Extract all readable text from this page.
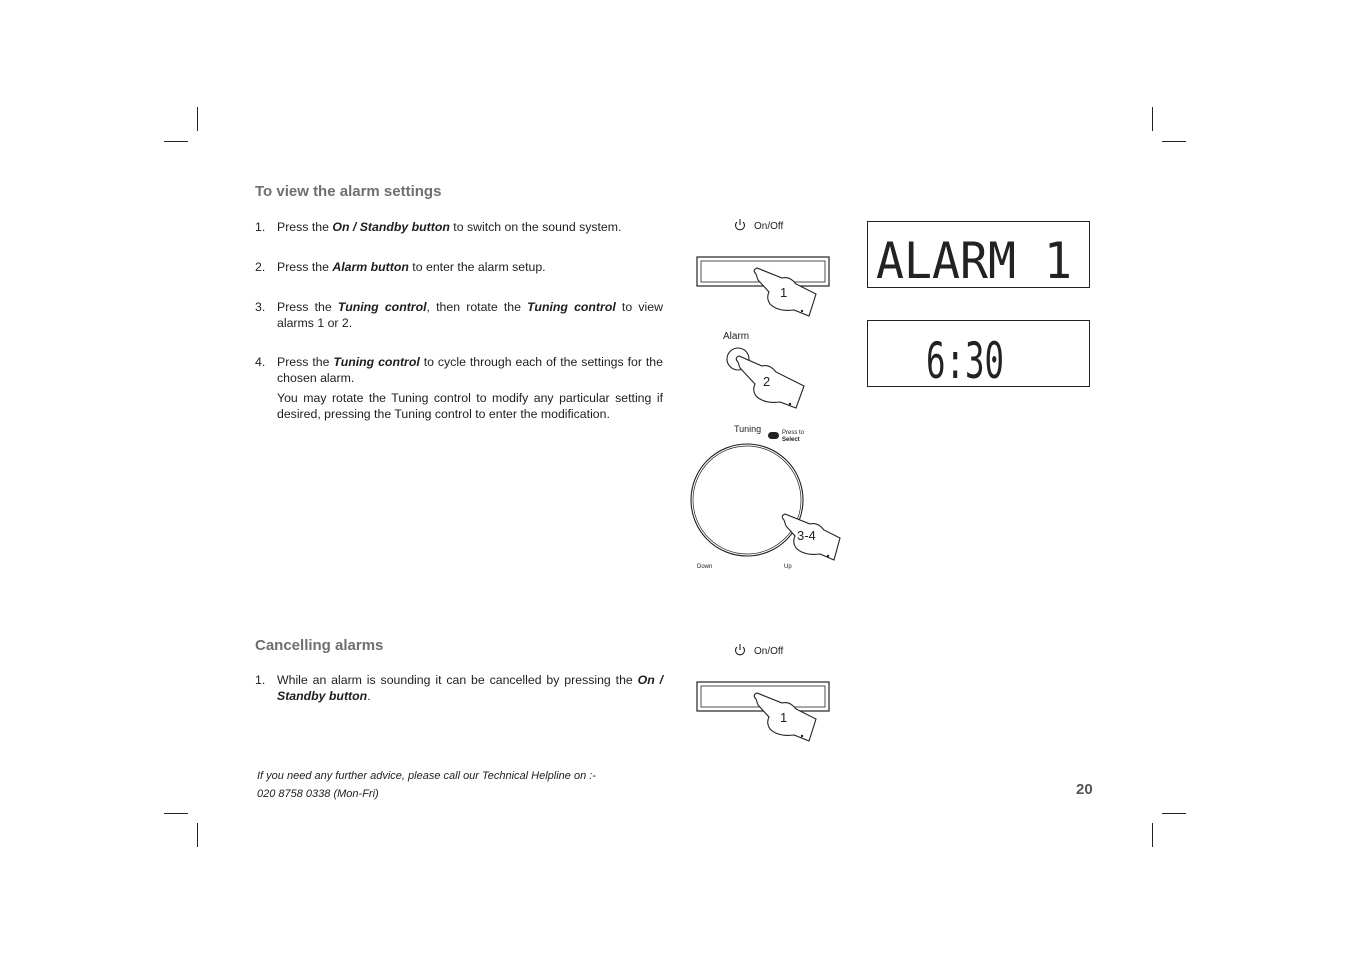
To view the alarm settings
1. Press the On / Standby button to switch on the sound system.
2. Press the Alarm button to enter the alarm setup.
3. Press the Tuning control, then rotate the Tuning control to view alarms 1 or 2.
4. Press the Tuning control to cycle through each of the settings for the chosen alarm.
You may rotate the Tuning control to modify any particular setting if desired, pressing the Tuning control to enter the modification.
Cancelling alarms
1. While an alarm is sounding it can be cancelled by pressing the On / Standby button.
On/Off
1
Alarm
2
Tuning	Press to
Select
3-4
Down	Up
On/Off
1
ALARM 1
6:30
If you need any further advice, please call our Technical Helpline on :-
020 8758 0338 (Mon-Fri)	20
